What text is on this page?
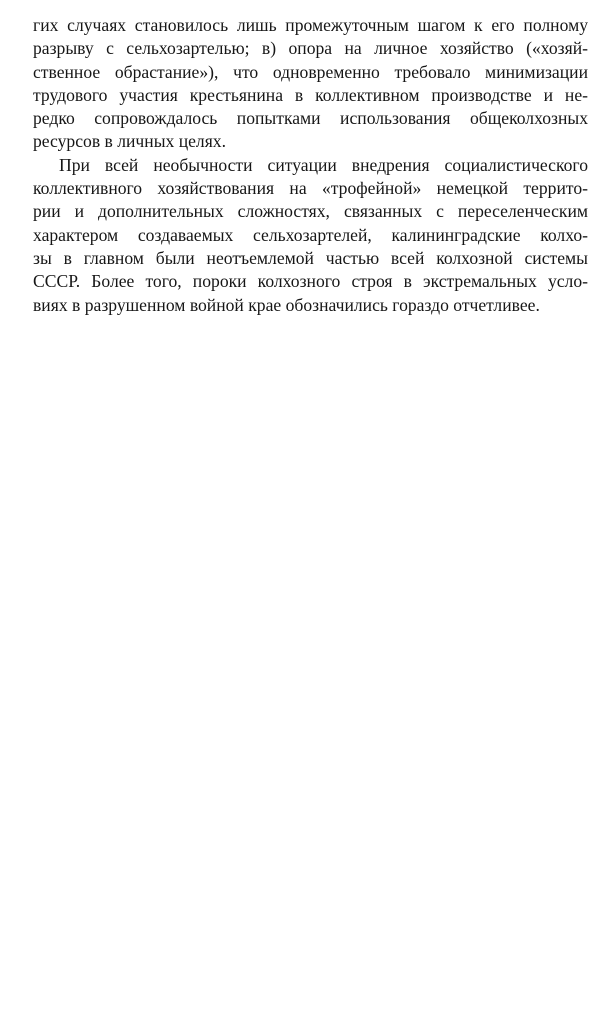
гих случаях становилось лишь промежуточным шагом к его полному
разрыву с сельхозартелью; в) опора на личное хозяйство («хозяй-
ственное обрастание»), что одновременно требовало минимизации
трудового участия крестьянина в коллективном производстве и не-
редко сопровождалось попытками использования общеколхозных
ресурсов в личных целях.
При всей необычности ситуации внедрения социалистического
коллективного хозяйствования на «трофейной» немецкой террито-
рии и дополнительных сложностях, связанных с переселенческим
характером создаваемых сельхозартелей, калининградские колхо-
зы в главном были неотъемлемой частью всей колхозной системы
СССР. Более того, пороки колхозного строя в экстремальных усло-
виях в разрушенном войной крае обозначились гораздо отчетливее.
